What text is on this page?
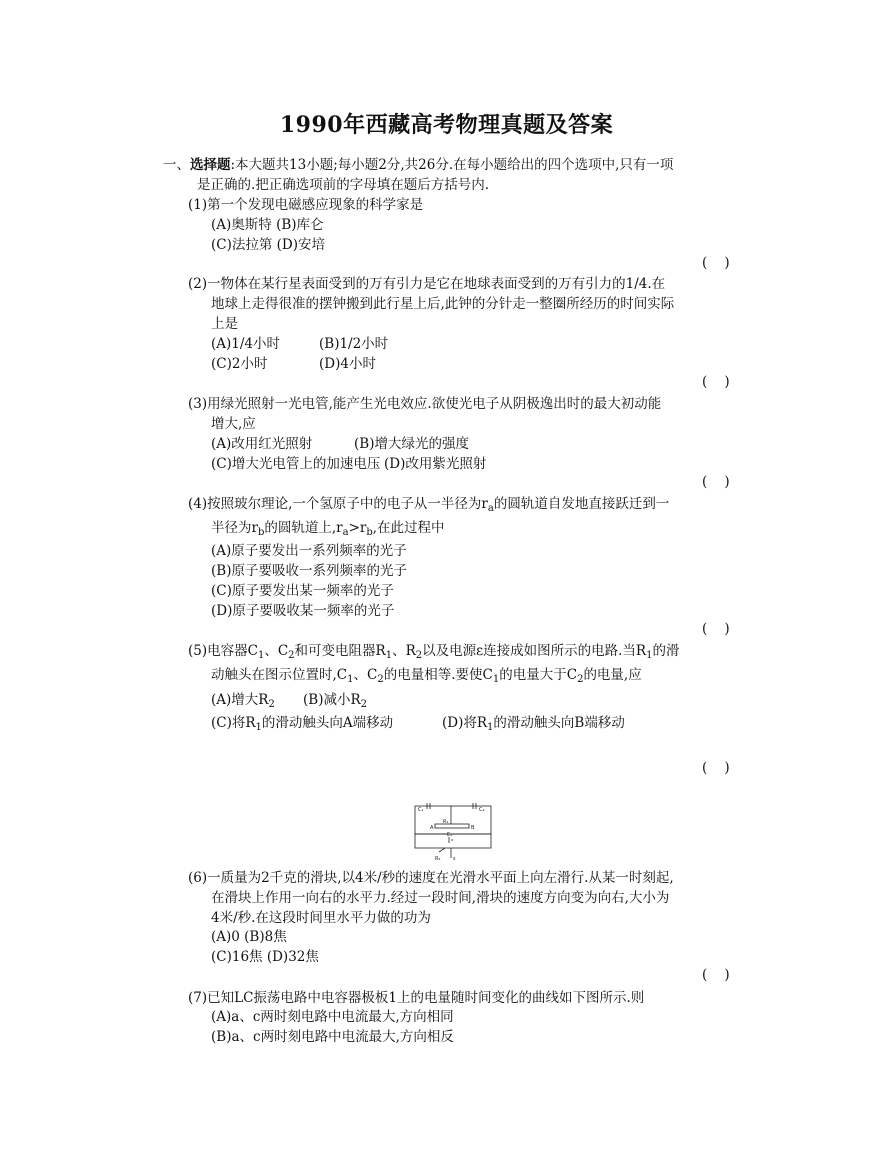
1990年西藏高考物理真题及答案
一、选择题:本大题共13小题;每小题2分,共26分.在每小题给出的四个选项中,只有一项
是正确的.把正确选项前的字母填在题后方括号内.
(1)第一个发现电磁感应现象的科学家是
(A)奥斯特 (B)库仑
(C)法拉第 (D)安培
(    )
(2)一物体在某行星表面受到的万有引力是它在地球表面受到的万有引力的1/4.在
地球上走得很准的摆钟搬到此行星上后,此钟的分针走一整圈所经历的时间实际
上是
(A)1/4小时	(B)1/2小时
(C)2小时	(D)4小时
(    )
(3)用绿光照射一光电管,能产生光电效应.欲使光电子从阴极逸出时的最大初动能
增大,应
(A)改用红光照射	(B)增大绿光的强度
(C)增大光电管上的加速电压 (D)改用紫光照射
(    )
(4)按照玻尔理论,一个氢原子中的电子从一半径为$r_a$的圆轨道自发地直接跃迁到一
半径为$r_b$的圆轨道上$,r_a>r_b$,在此过程中
(A)原子要发出一系列频率的光子
(B)原子要吸收一系列频率的光子
(C)原子要发出某一频率的光子
(D)原子要吸收某一频率的光子
(    )
(5)电容器$C_1$、$C_2$和可变电阻器$R_1$、$R_2$以及电源ε连接成如图所示的电路.当$R_1$的滑
动触头在图示位置时$,C_1$、$C_2$的电量相等.要使$C_1$的电量大于$C_2$的电量,应
(A)增大$R_2$ (B)减小$R_2$
(C)将$R_1$的滑动触头向A端移动	(D)将$R_1$的滑动触头向B端移动
(    )
C₁	C₂
A	B
R₁
E₁
R₂	ε
(6)一质量为2千克的滑块,以4米/秒的速度在光滑水平面上向左滑行.从某一时刻起,
在滑块上作用一向右的水平力.经过一段时间,滑块的速度方向变为向右,大小为
4米/秒.在这段时间里水平力做的功为
(A)0 (B)8焦
(C)16焦 (D)32焦
(    )
(7)已知LC振荡电路中电容器极板1上的电量随时间变化的曲线如下图所示.则
(A)a、c两时刻电路中电流最大,方向相同
(B)a、c两时刻电路中电流最大,方向相反
